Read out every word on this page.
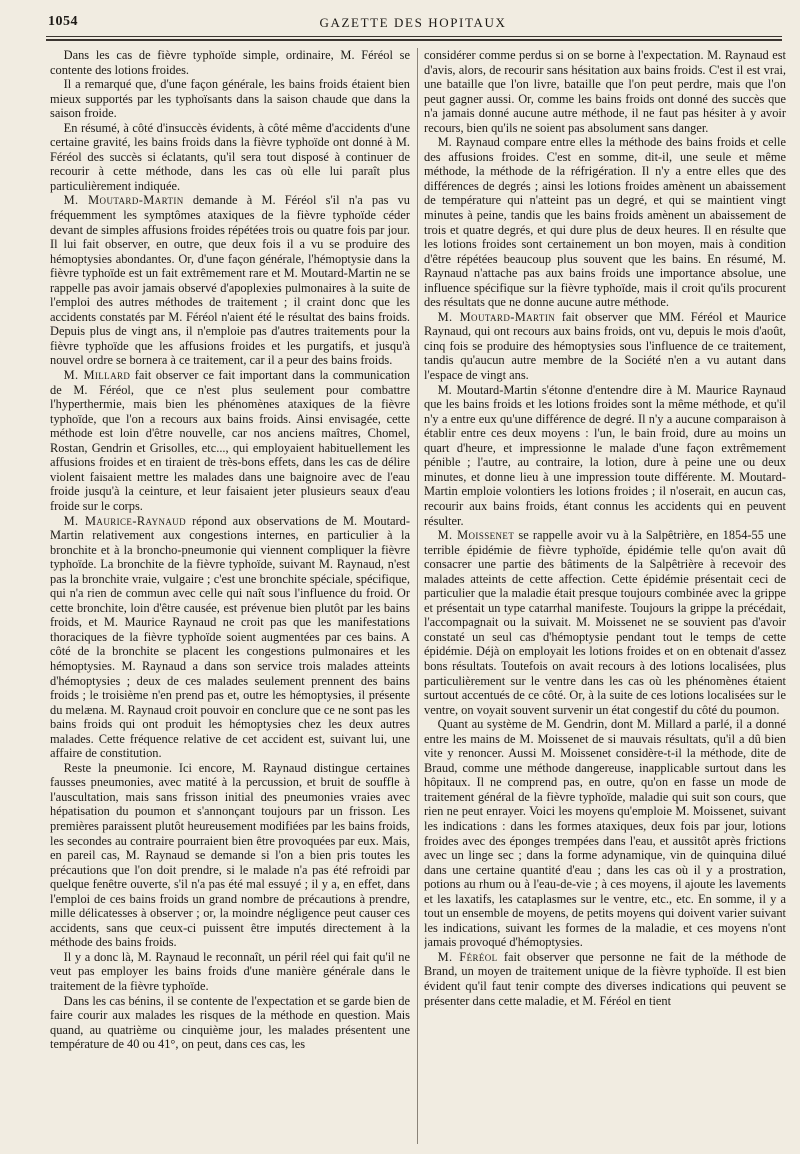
1054	GAZETTE DES HOPITAUX

Dans les cas de fièvre typhoïde simple, ordinaire, M. Féréol se contente des lotions froides.

Il a remarqué que, d'une façon générale, les bains froids étaient bien mieux supportés par les typhoïsants dans la saison chaude que dans la saison froide.

En résumé, à côté d'insuccès évidents, à côté même d'accidents d'une certaine gravité, les bains froids dans la fièvre typhoïde ont donné à M. Féréol des succès si éclatants, qu'il sera tout disposé à continuer de recourir à cette méthode, dans les cas où elle lui paraît plus particulièrement indiquée.

M. Moutard-Martin demande à M. Féréol s'il n'a pas vu fréquemment les symptômes ataxiques de la fièvre typhoïde céder devant de simples affusions froides répétées trois ou quatre fois par jour. Il lui fait observer, en outre, que deux fois il a vu se produire des hémoptysies abondantes. Or, d'une façon générale, l'hémoptysie dans la fièvre typhoïde est un fait extrêmement rare et M. Moutard-Martin ne se rappelle pas avoir jamais observé d'apoplexies pulmonaires à la suite de l'emploi des autres méthodes de traitement ; il craint donc que les accidents constatés par M. Féréol n'aient été le résultat des bains froids. Depuis plus de vingt ans, il n'emploie pas d'autres traitements pour la fièvre typhoïde que les affusions froides et les purgatifs, et jusqu'à nouvel ordre se bornera à ce traitement, car il a peur des bains froids.

M. Millard fait observer ce fait important dans la communication de M. Féréol, que ce n'est plus seulement pour combattre l'hyperthermie, mais bien les phénomènes ataxiques de la fièvre typhoïde, que l'on a recours aux bains froids. Ainsi envisagée, cette méthode est loin d'être nouvelle, car nos anciens maîtres, Chomel, Rostan, Gendrin et Grisolles, etc..., qui employaient habituellement les affusions froides et en tiraient de très-bons effets, dans les cas de délire violent faisaient mettre les malades dans une baignoire avec de l'eau froide jusqu'à la ceinture, et leur faisaient jeter plusieurs seaux d'eau froide sur le corps.

M. Maurice-Raynaud répond aux observations de M. Moutard-Martin relativement aux congestions internes, en particulier à la bronchite et à la broncho-pneumonie qui viennent compliquer la fièvre typhoïde. La bronchite de la fièvre typhoïde, suivant M. Raynaud, n'est pas la bronchite vraie, vulgaire ; c'est une bronchite spéciale, spécifique, qui n'a rien de commun avec celle qui naît sous l'influence du froid. Or cette bronchite, loin d'être causée, est prévenue bien plutôt par les bains froids, et M. Maurice Raynaud ne croit pas que les manifestations thoraciques de la fièvre typhoïde soient augmentées par ces bains. A côté de la bronchite se placent les congestions pulmonaires et les hémoptysies. M. Raynaud a dans son service trois malades atteints d'hémoptysies ; deux de ces malades seulement prennent des bains froids ; le troisième n'en prend pas et, outre les hémoptysies, il présente du melæna. M. Raynaud croit pouvoir en conclure que ce ne sont pas les bains froids qui ont produit les hémoptysies chez les deux autres malades. Cette fréquence relative de cet accident est, suivant lui, une affaire de constitution.

Reste la pneumonie. Ici encore, M. Raynaud distingue certaines fausses pneumonies, avec matité à la percussion, et bruit de souffle à l'auscultation, mais sans frisson initial des pneumonies vraies avec hépatisation du poumon et s'annonçant toujours par un frisson. Les premières paraissent plutôt heureusement modifiées par les bains froids, les secondes au contraire pourraient bien être provoquées par eux. Mais, en pareil cas, M. Raynaud se demande si l'on a bien pris toutes les précautions que l'on doit prendre, si le malade n'a pas été refroidi par quelque fenêtre ouverte, s'il n'a pas été mal essuyé ; il y a, en effet, dans l'emploi de ces bains froids un grand nombre de précautions à prendre, mille délicatesses à observer ; or, la moindre négligence peut causer ces accidents, sans que ceux-ci puissent être imputés directement à la méthode des bains froids.

Il y a donc là, M. Raynaud le reconnaît, un péril réel qui fait qu'il ne veut pas employer les bains froids d'une manière générale dans le traitement de la fièvre typhoïde.

Dans les cas bénins, il se contente de l'expectation et se garde bien de faire courir aux malades les risques de la méthode en question. Mais quand, au quatrième ou cinquième jour, les malades présentent une température de 40 ou 41°, on peut, dans ces cas, les

considérer comme perdus si on se borne à l'expectation. M. Raynaud est d'avis, alors, de recourir sans hésitation aux bains froids. C'est il est vrai, une bataille que l'on livre, bataille que l'on peut perdre, mais que l'on peut gagner aussi. Or, comme les bains froids ont donné des succès que n'a jamais donné aucune autre méthode, il ne faut pas hésiter à y avoir recours, bien qu'ils ne soient pas absolument sans danger.

M. Raynaud compare entre elles la méthode des bains froids et celle des affusions froides. C'est en somme, dit-il, une seule et même méthode, la méthode de la réfrigération. Il n'y a entre elles que des différences de degrés ; ainsi les lotions froides amènent un abaissement de température qui n'atteint pas un degré, et qui se maintient vingt minutes à peine, tandis que les bains froids amènent un abaissement de trois et quatre degrés, et qui dure plus de deux heures. Il en résulte que les lotions froides sont certainement un bon moyen, mais à condition d'être répétées beaucoup plus souvent que les bains. En résumé, M. Raynaud n'attache pas aux bains froids une importance absolue, une influence spécifique sur la fièvre typhoïde, mais il croit qu'ils procurent des résultats que ne donne aucune autre méthode.

M. Moutard-Martin fait observer que MM. Féréol et Maurice Raynaud, qui ont recours aux bains froids, ont vu, depuis le mois d'août, cinq fois se produire des hémoptysies sous l'influence de ce traitement, tandis qu'aucun autre membre de la Société n'en a vu autant dans l'espace de vingt ans.

M. Moutard-Martin s'étonne d'entendre dire à M. Maurice Raynaud que les bains froids et les lotions froides sont la même méthode, et qu'il n'y a entre eux qu'une différence de degré. Il n'y a aucune comparaison à établir entre ces deux moyens : l'un, le bain froid, dure au moins un quart d'heure, et impressionne le malade d'une façon extrêmement pénible ; l'autre, au contraire, la lotion, dure à peine une ou deux minutes, et donne lieu à une impression toute différente. M. Moutard-Martin emploie volontiers les lotions froides ; il n'oserait, en aucun cas, recourir aux bains froids, étant connus les accidents qui en peuvent résulter.

M. Moissenet se rappelle avoir vu à la Salpêtrière, en 1854-55 une terrible épidémie de fièvre typhoïde, épidémie telle qu'on avait dû consacrer une partie des bâtiments de la Salpêtrière à recevoir des malades atteints de cette affection. Cette épidémie présentait ceci de particulier que la maladie était presque toujours combinée avec la grippe et présentait un type catarrhal manifeste. Toujours la grippe la précédait, l'accompagnait ou la suivait. M. Moissenet ne se souvient pas d'avoir constaté un seul cas d'hémoptysie pendant tout le temps de cette épidémie. Déjà on employait les lotions froides et on en obtenait d'assez bons résultats. Toutefois on avait recours à des lotions localisées, plus particulièrement sur le ventre dans les cas où les phénomènes étaient surtout accentués de ce côté. Or, à la suite de ces lotions localisées sur le ventre, on voyait souvent survenir un état congestif du côté du poumon.

Quant au système de M. Gendrin, dont M. Millard a parlé, il a donné entre les mains de M. Moissenet de si mauvais résultats, qu'il a dû bien vite y renoncer. Aussi M. Moissenet considère-t-il la méthode, dite de Braud, comme une méthode dangereuse, inapplicable surtout dans les hôpitaux. Il ne comprend pas, en outre, qu'on en fasse un mode de traitement général de la fièvre typhoïde, maladie qui suit son cours, que rien ne peut enrayer. Voici les moyens qu'emploie M. Moissenet, suivant les indications : dans les formes ataxiques, deux fois par jour, lotions froides avec des éponges trempées dans l'eau, et aussitôt après frictions avec un linge sec ; dans la forme adynamique, vin de quinquina dilué dans une certaine quantité d'eau ; dans les cas où il y a prostration, potions au rhum ou à l'eau-de-vie ; à ces moyens, il ajoute les lavements et les laxatifs, les cataplasmes sur le ventre, etc., etc. En somme, il y a tout un ensemble de moyens, de petits moyens qui doivent varier suivant les indications, suivant les formes de la maladie, et ces moyens n'ont jamais provoqué d'hémoptysies.

M. Féréol fait observer que personne ne fait de la méthode de Brand, un moyen de traitement unique de la fièvre typhoïde. Il est bien évident qu'il faut tenir compte des diverses indications qui peuvent se présenter dans cette maladie, et M. Féréol en tient
